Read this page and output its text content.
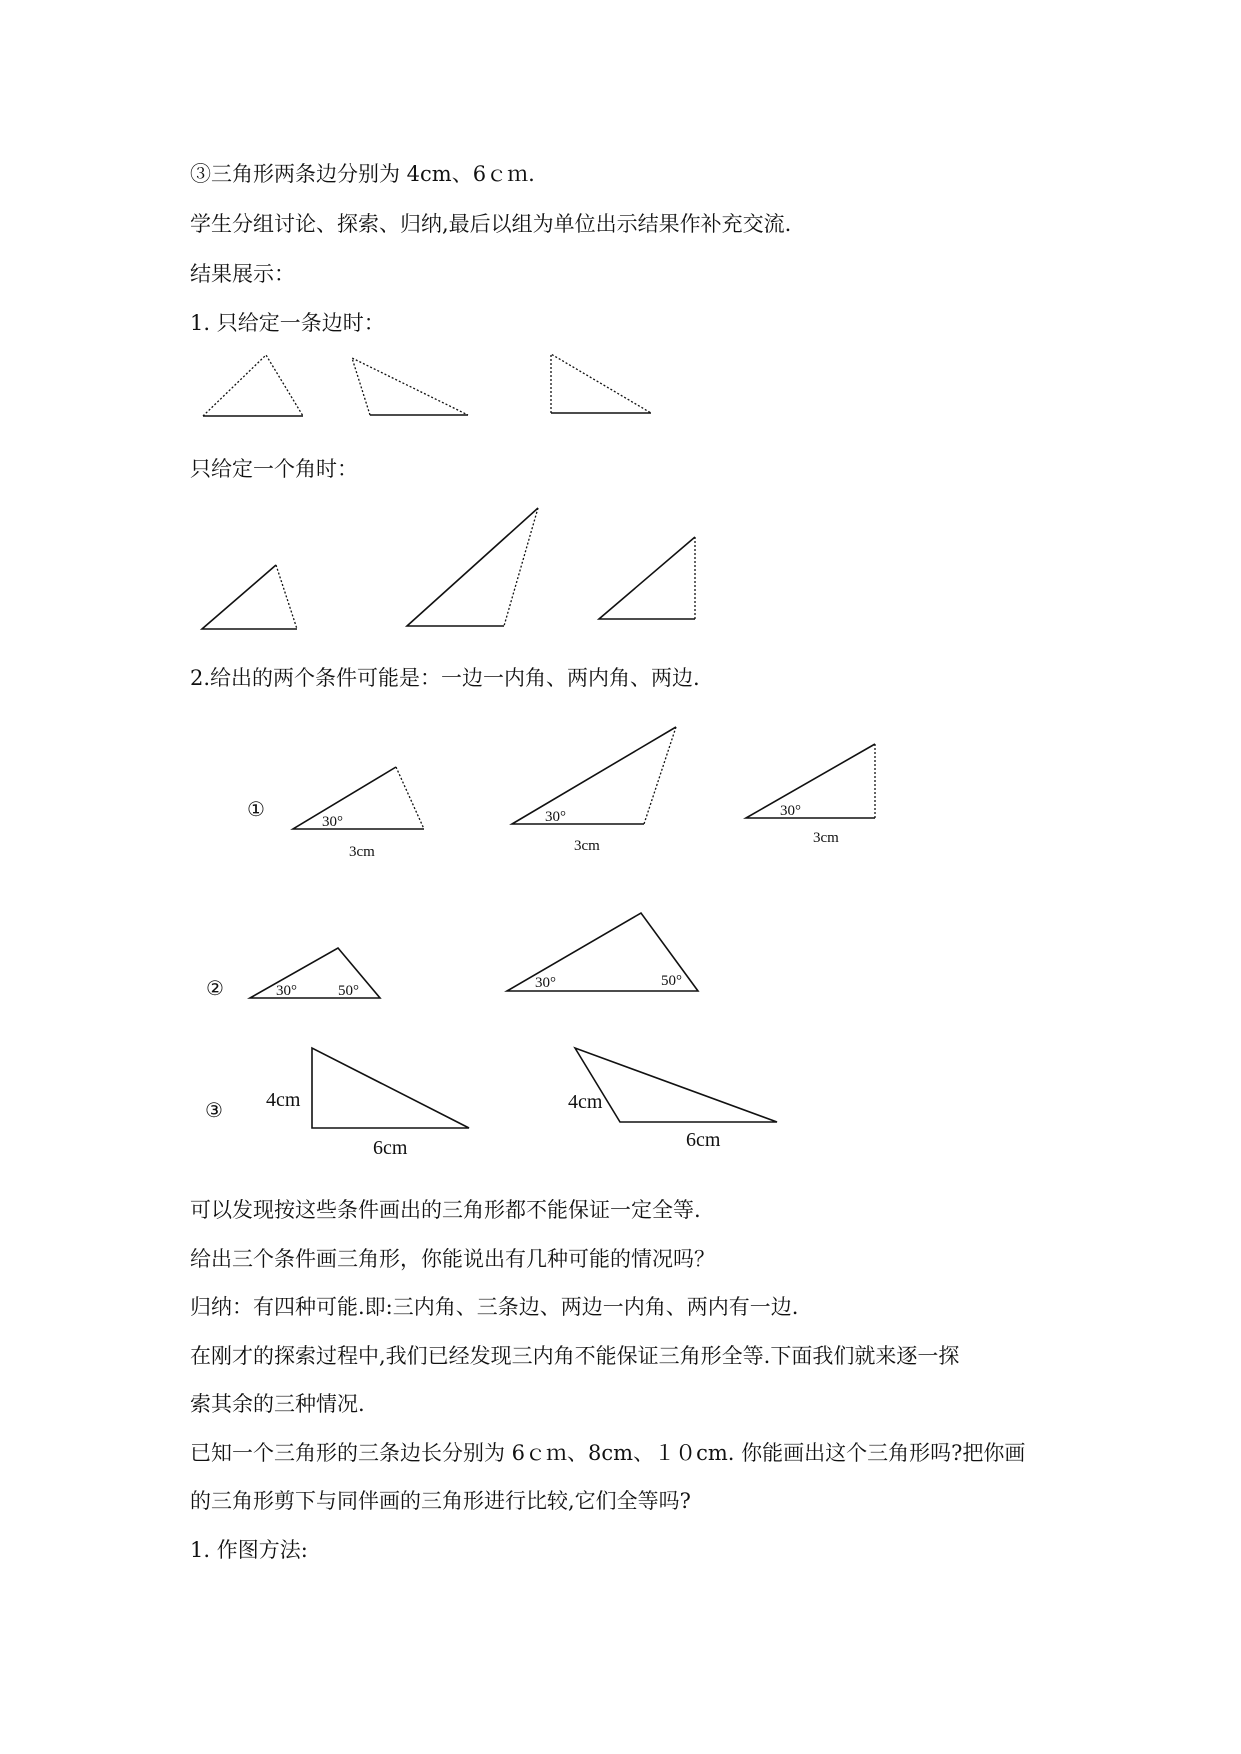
③三角形两条边分别为 4cm、6ｃｍ.
学生分组讨论、探索、归纳,最后以组为单位出示结果作补充交流.
结果展示：
1. 只给定一条边时：
只给定一个角时：
2.给出的两个条件可能是：一边一内角、两内角、两边.
可以发现按这些条件画出的三角形都不能保证一定全等.
给出三个条件画三角形，你能说出有几种可能的情况吗？
归纳：有四种可能.即:三内角、三条边、两边一内角、两内有一边.
在刚才的探索过程中,我们已经发现三内角不能保证三角形全等.下面我们就来逐一探
索其余的三种情况.
已知一个三角形的三条边长分别为 6ｃｍ、8cm、１０cm. 你能画出这个三角形吗?把你画
的三角形剪下与同伴画的三角形进行比较,它们全等吗?
1. 作图方法:
①
②
③
30°
3cm
30°
3cm
30°
3cm
30°	50°	30°	50°
4cm
6cm
4cm
6cm
